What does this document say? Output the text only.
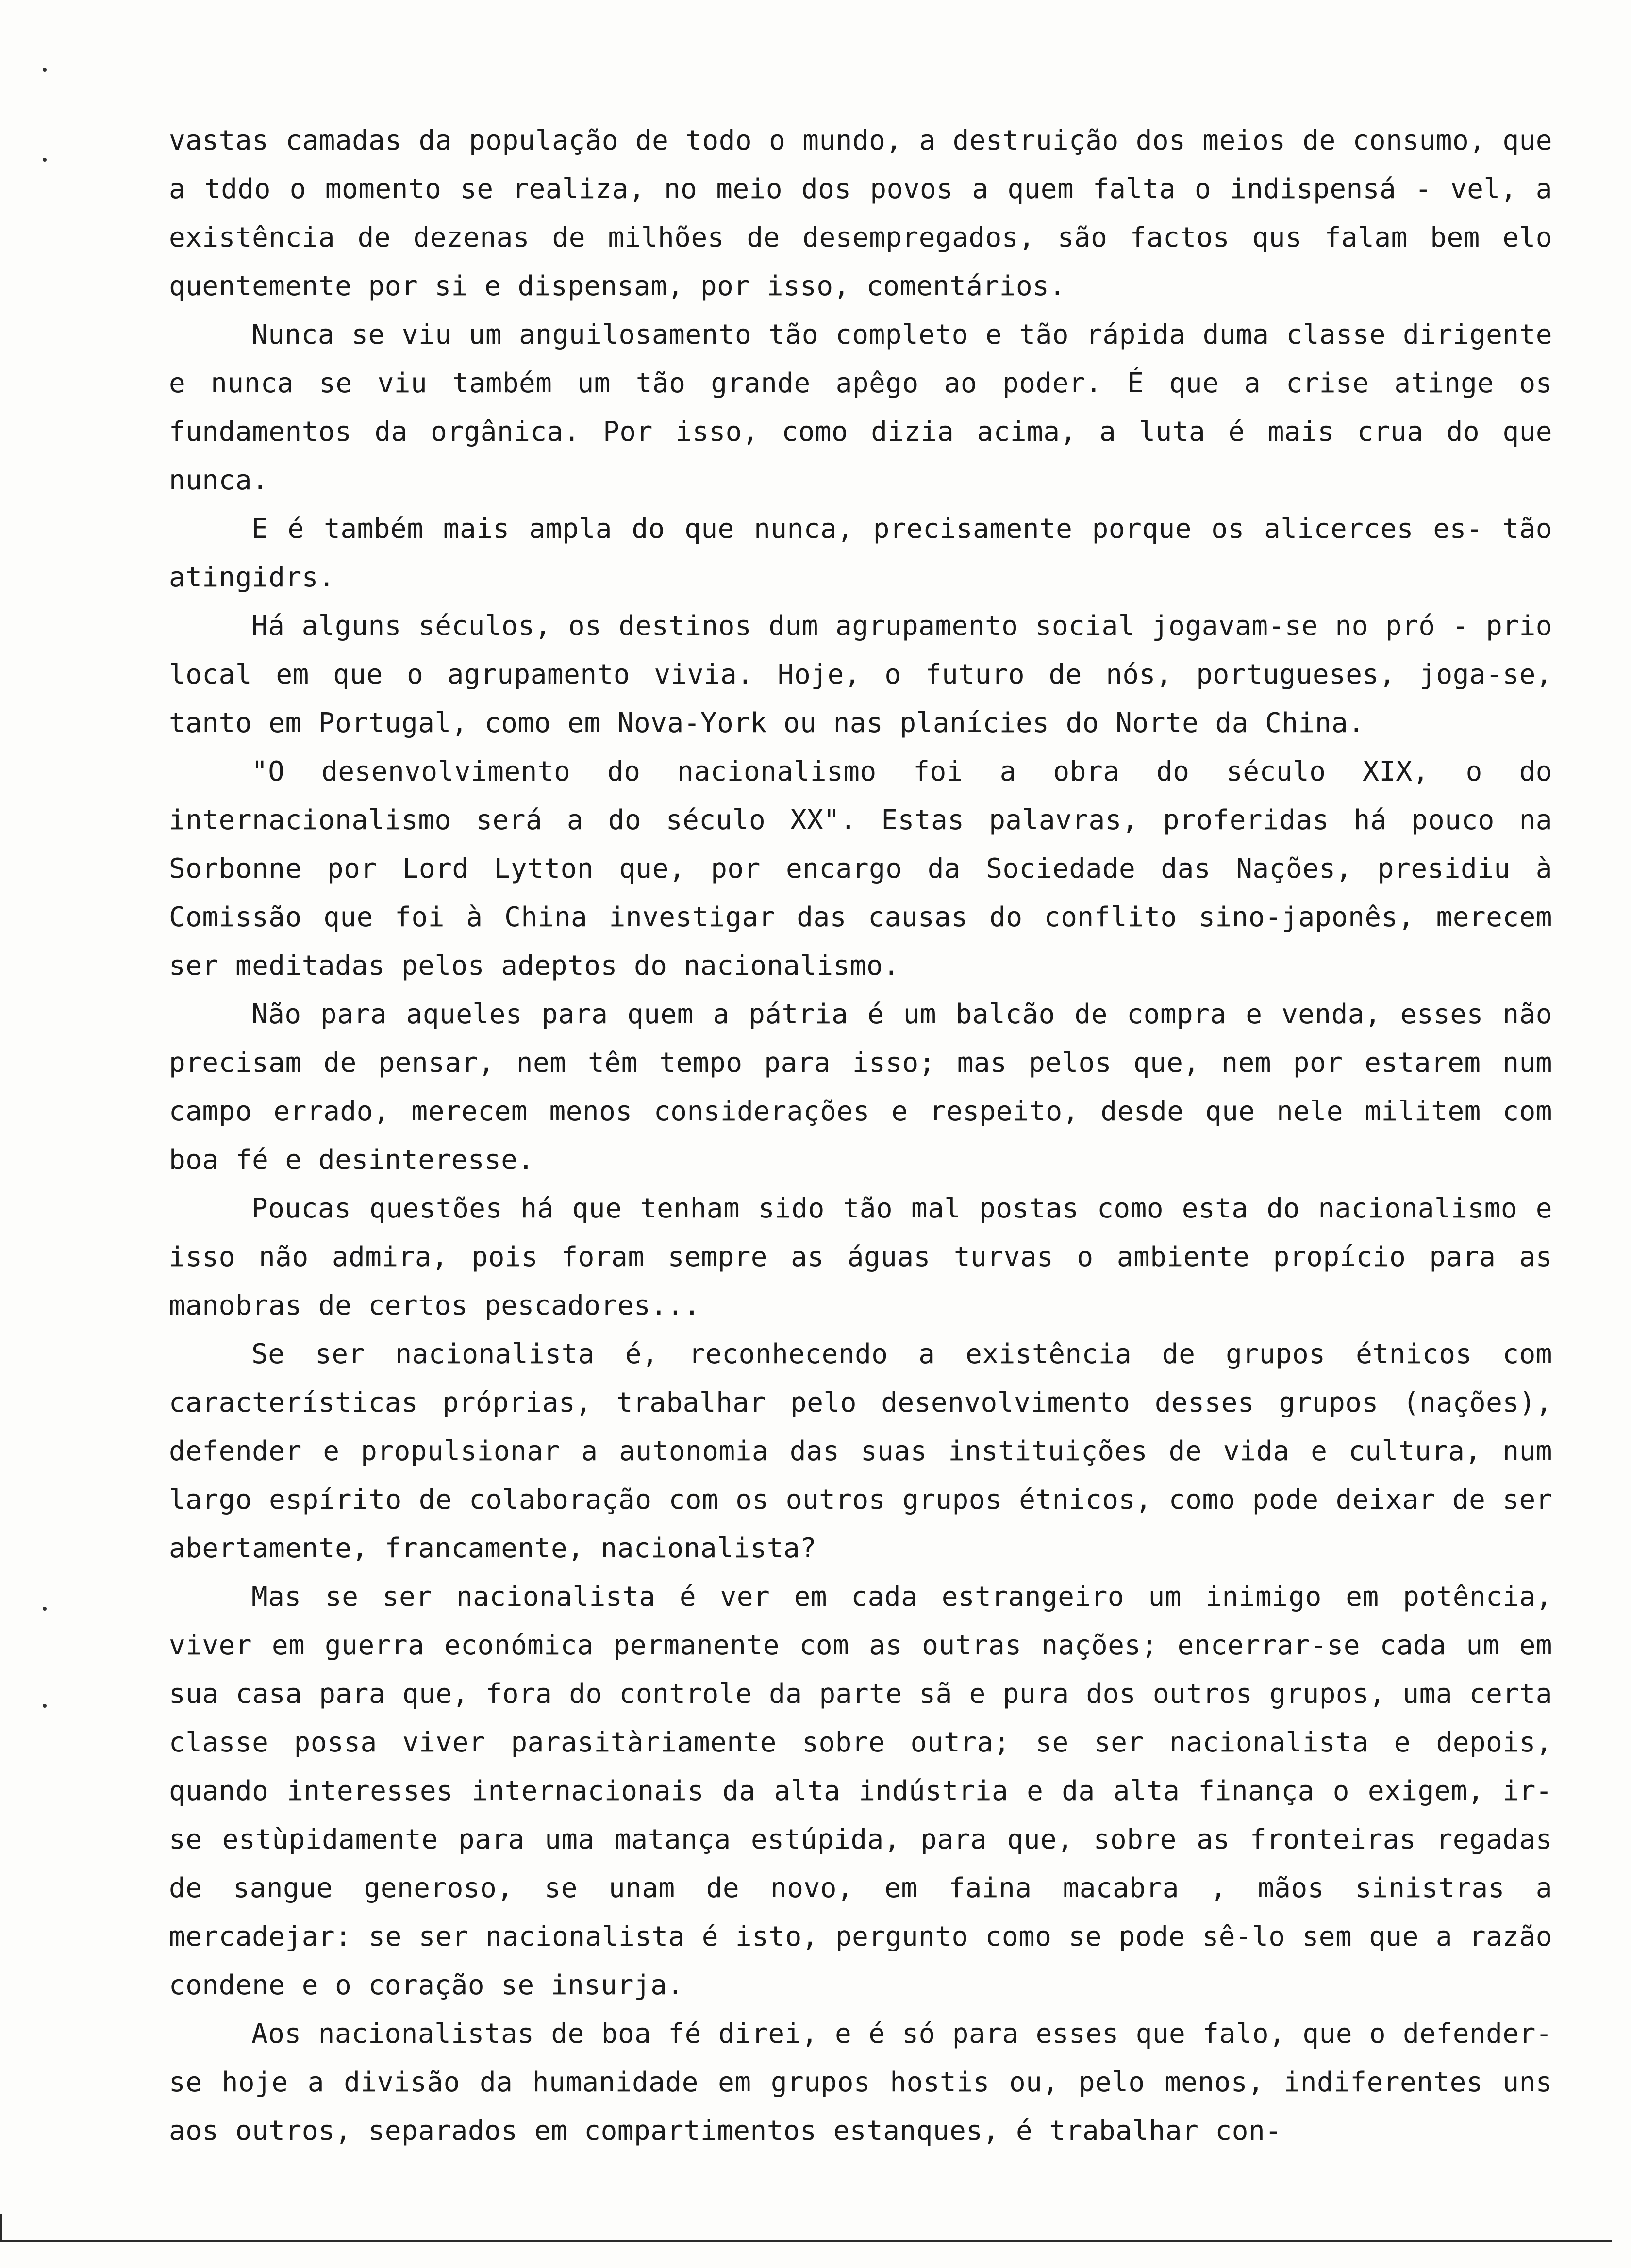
vastas camadas da população de todo o mundo, a destruição dos meios de consumo, que a tddo o momento se realiza, no meio dos povos a quem falta o indispensá - vel, a existência de dezenas de milhões de desempregados, são factos qus falam bem elo quentemente por si e dispensam, por isso, comentários.

Nunca se viu um anguilosamento tão completo e tão rápida duma classe dirigente e nunca se viu também um tão grande apêgo ao poder. É que a crise atinge os fundamentos da orgânica. Por isso, como dizia acima, a luta é mais crua do que nunca.

E é também mais ampla do que nunca, precisamente porque os alicerces es- tão atingidrs.

Há alguns séculos, os destinos dum agrupamento social jogavam-se no pró - prio local em que o agrupamento vivia. Hoje, o futuro de nós, portugueses, joga-se, tanto em Portugal, como em Nova-York ou nas planícies do Norte da China.

"O desenvolvimento do nacionalismo foi a obra do século XIX, o do internacionalismo será a do século XX". Estas palavras, proferidas há pouco na Sorbonne por Lord Lytton que, por encargo da Sociedade das Nações, presidiu à Comissão que foi à China investigar das causas do conflito sino-japonês, merecem ser meditadas pelos adeptos do nacionalismo.

Não para aqueles para quem a pátria é um balcão de compra e venda, esses não precisam de pensar, nem têm tempo para isso; mas pelos que, nem por estarem num campo errado, merecem menos considerações e respeito, desde que nele militem com boa fé e desinteresse.

Poucas questões há que tenham sido tão mal postas como esta do nacionalismo e isso não admira, pois foram sempre as águas turvas o ambiente propício para as manobras de certos pescadores...

Se ser nacionalista é, reconhecendo a existência de grupos étnicos com características próprias, trabalhar pelo desenvolvimento desses grupos (nações), defender e propulsionar a autonomia das suas instituições de vida e cultura, num largo espírito de colaboração com os outros grupos étnicos, como pode deixar de ser abertamente, francamente, nacionalista?

Mas se ser nacionalista é ver em cada estrangeiro um inimigo em potência, viver em guerra económica permanente com as outras nações; encerrar-se cada um em sua casa para que, fora do controle da parte sã e pura dos outros grupos, uma certa classe possa viver parasitàriamente sobre outra; se ser nacionalista e depois, quando interesses internacionais da alta indústria e da alta finança o exigem, ir-se estùpidamente para uma matança estúpida, para que, sobre as fronteiras regadas de sangue generoso, se unam de novo, em faina macabra , mãos sinistras a mercadejar: se ser nacionalista é isto, pergunto como se pode sê-lo sem que a razão condene e o coração se insurja.

Aos nacionalistas de boa fé direi, e é só para esses que falo, que o defender-se hoje a divisão da humanidade em grupos hostis ou, pelo menos, indiferentes uns aos outros, separados em compartimentos estanques, é trabalhar con-
